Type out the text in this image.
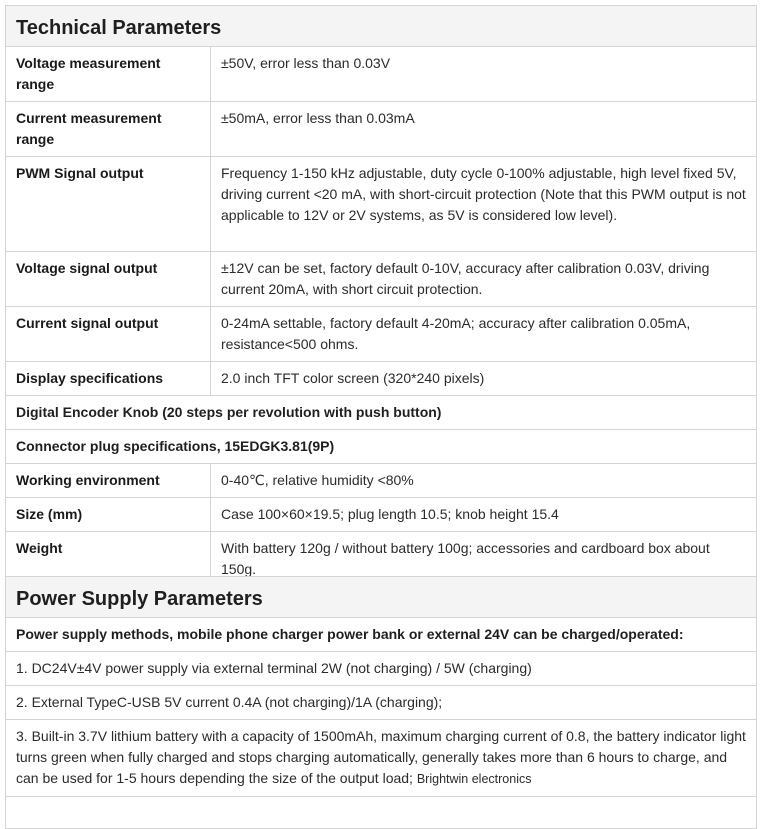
Technical Parameters	
Voltage measurement range	±50V, error less than 0.03V
Current measurement range	±50mA, error less than 0.03mA
PWM Signal output	Frequency 1-150 kHz adjustable, duty cycle 0-100% adjustable, high level fixed 5V, driving current <20 mA, with short-circuit protection (Note that this PWM output is not applicable to 12V or 2V systems, as 5V is considered low level).
Voltage signal output	±12V can be set, factory default 0-10V, accuracy after calibration 0.03V, driving current 20mA, with short circuit protection.
Current signal output	0-24mA settable, factory default 4-20mA; accuracy after calibration 0.05mA, resistance<500 ohms.
Display specifications	2.0 inch TFT color screen (320*240 pixels)
Digital Encoder Knob (20 steps per revolution with push button)	
Connector plug specifications, 15EDGK3.81(9P)	
Working environment	0-40℃, relative humidity <80%
Size (mm)	Case 100×60×19.5; plug length 10.5; knob height 15.4
Weight	With battery 120g / without battery 100g; accessories and cardboard box about 150g.
Power Supply Parameters
Power supply methods, mobile phone charger power bank or external 24V can be charged/operated:
1. DC24V±4V power supply via external terminal 2W (not charging) / 5W (charging)
2. External TypeC-USB 5V current 0.4A (not charging)/1A (charging);
3. Built-in 3.7V lithium battery with a capacity of 1500mAh, maximum charging current of 0.8, the battery indicator light turns green when fully charged and stops charging automatically, generally takes more than 6 hours to charge, and can be used for 1-5 hours depending the size of the output load; Brightwin electronics
